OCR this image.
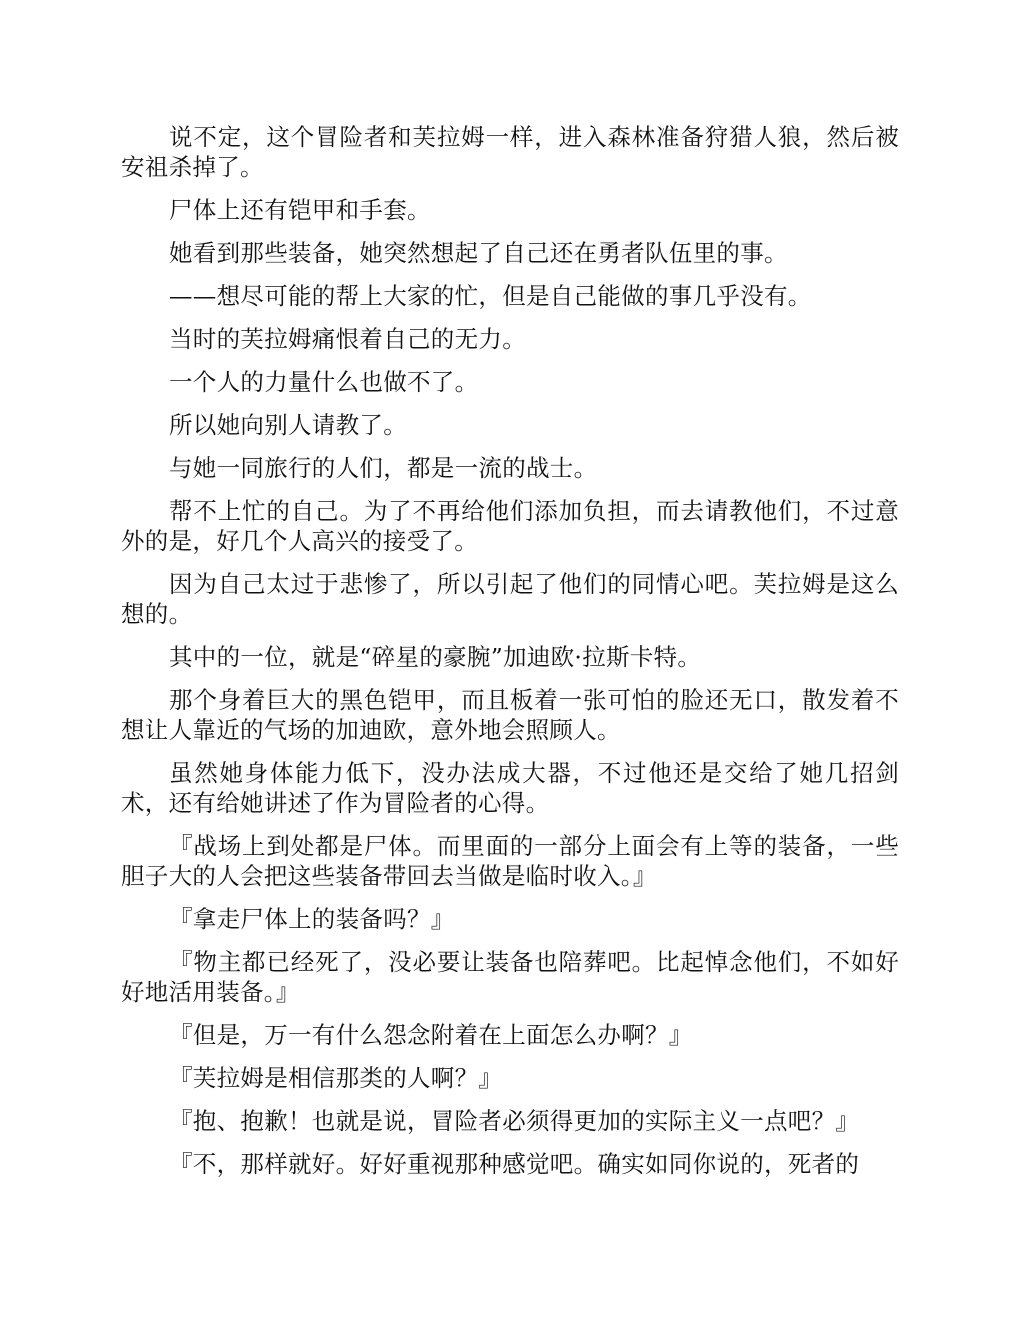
说不定，这个冒险者和芙拉姆一样，进入森林准备狩猎人狼，然后被安祖杀掉了。

尸体上还有铠甲和手套。

她看到那些装备，她突然想起了自己还在勇者队伍里的事。

——想尽可能的帮上大家的忙，但是自己能做的事几乎没有。

当时的芙拉姆痛恨着自己的无力。

一个人的力量什么也做不了。

所以她向别人请教了。

与她一同旅行的人们，都是一流的战士。

帮不上忙的自己。为了不再给他们添加负担，而去请教他们，不过意外的是，好几个人高兴的接受了。

因为自己太过于悲惨了，所以引起了他们的同情心吧。芙拉姆是这么想的。

其中的一位，就是“碎星的豪腕”加迪欧·拉斯卡特。

那个身着巨大的黑色铠甲，而且板着一张可怕的脸还无口，散发着不想让人靠近的气场的加迪欧，意外地会照顾人。

虽然她身体能力低下，没办法成大器，不过他还是交给了她几招剑术，还有给她讲述了作为冒险者的心得。

『战场上到处都是尸体。而里面的一部分上面会有上等的装备，一些胆子大的人会把这些装备带回去当做是临时收入。』

『拿走尸体上的装备吗？』

『物主都已经死了，没必要让装备也陪葬吧。比起悼念他们，不如好好地活用装备。』

『但是，万一有什么怨念附着在上面怎么办啊？』

『芙拉姆是相信那类的人啊？』

『抱、抱歉！也就是说，冒险者必须得更加的实际主义一点吧？』

『不，那样就好。好好重视那种感觉吧。确实如同你说的，死者的
